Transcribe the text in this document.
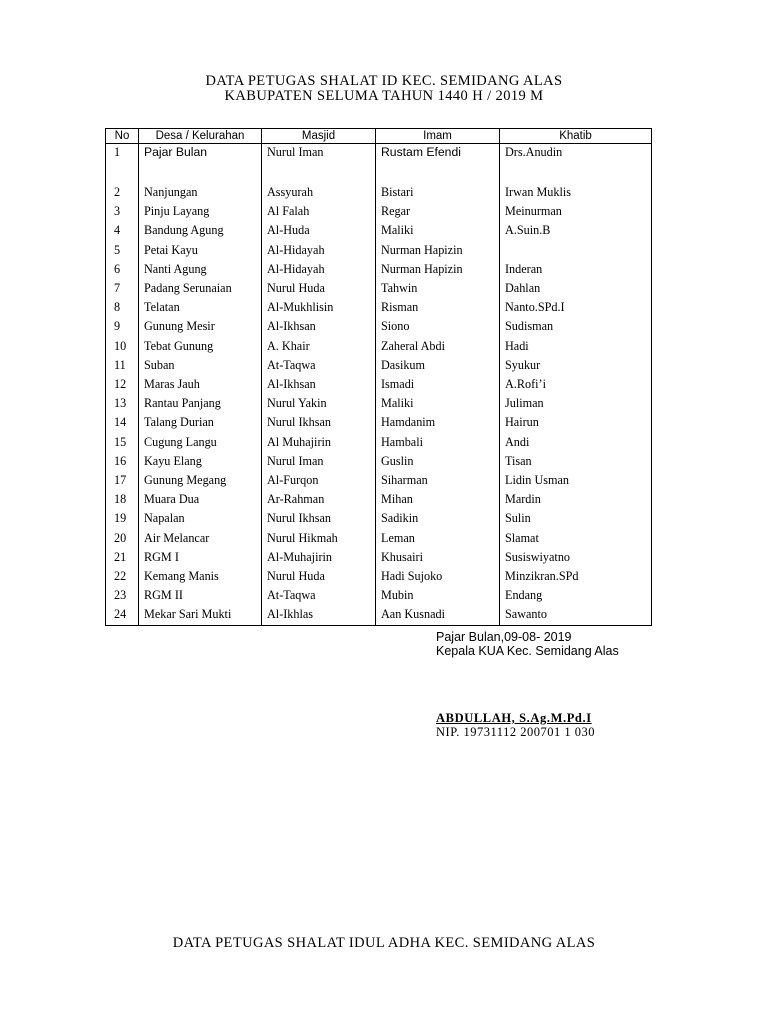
DATA PETUGAS SHALAT ID KEC. SEMIDANG ALAS
KABUPATEN SELUMA TAHUN 1440 H / 2019 M
No	Desa / Kelurahan	Masjid	Imam	Khatib
1	Pajar Bulan	Nurul Iman	Rustam Efendi	Drs.Anudin
2	Nanjungan	Assyurah	Bistari	Irwan Muklis
3	Pinju Layang	Al Falah	Regar	Meinurman
4	Bandung Agung	Al-Huda	Maliki	A.Suin.B
5	Petai Kayu	Al-Hidayah	Nurman Hapizin	
6	Nanti Agung	Al-Hidayah	Nurman Hapizin	Inderan
7	Padang Serunaian	Nurul Huda	Tahwin	Dahlan
8	Telatan	Al-Mukhlisin	Risman	Nanto.SPd.I
9	Gunung Mesir	Al-Ikhsan	Siono	Sudisman
10	Tebat Gunung	A. Khair	Zaheral Abdi	Hadi
11	Suban	At-Taqwa	Dasikum	Syukur
12	Maras Jauh	Al-Ikhsan	Ismadi	A.Rofi’i
13	Rantau Panjang	Nurul Yakin	Maliki	Juliman
14	Talang Durian	Nurul Ikhsan	Hamdanim	Hairun
15	Cugung Langu	Al Muhajirin	Hambali	Andi
16	Kayu Elang	Nurul Iman	Guslin	Tisan
17	Gunung Megang	Al-Furqon	Siharman	Lidin Usman
18	Muara Dua	Ar-Rahman	Mihan	Mardin
19	Napalan	Nurul Ikhsan	Sadikin	Sulin
20	Air Melancar	Nurul Hikmah	Leman	Slamat
21	RGM I	Al-Muhajirin	Khusairi	Susiswiyatno
22	Kemang Manis	Nurul Huda	Hadi Sujoko	Minzikran.SPd
23	RGM II	At-Taqwa	Mubin	Endang
24	Mekar Sari Mukti	Al-Ikhlas	Aan Kusnadi	Sawanto
Pajar Bulan,09-08- 2019
Kepala KUA Kec. Semidang Alas
ABDULLAH, S.Ag.M.Pd.I
NIP. 19731112 200701 1 030
DATA PETUGAS SHALAT IDUL ADHA KEC. SEMIDANG ALAS
